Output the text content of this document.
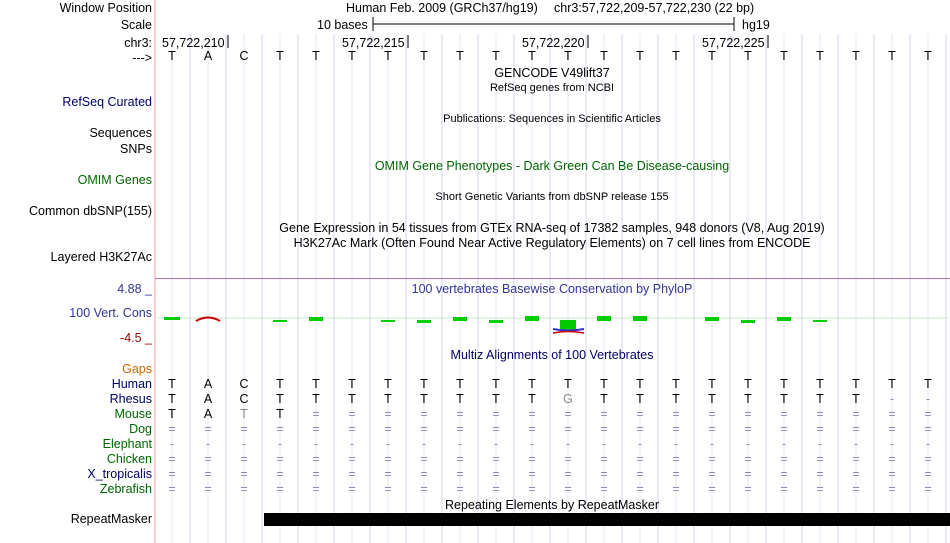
Window Position
Scale
chr3:
--->
Human Feb. 2009 (GRCh37/hg19) chr3:57,722,209-57,722,230 (22 bp)
10 bases	hg19
57,722,210	57,722,215	57,722,220	57,722,225
T	A	C	T	T	T	T	T	T	T	T	T	T	T	T	T	T	T	T	T	T	T
GENCODE V49lift37
RefSeq genes from NCBI
RefSeq Curated
Publications: Sequences in Scientific Articles
Sequences
SNPs
OMIM Gene Phenotypes - Dark Green Can Be Disease-causing
OMIM Genes
Short Genetic Variants from dbSNP release 155
Common dbSNP(155)
Gene Expression in 54 tissues from GTEx RNA-seq of 17382 samples, 948 donors (V8, Aug 2019)
H3K27Ac Mark (Often Found Near Active Regulatory Elements) on 7 cell lines from ENCODE
Layered H3K27Ac
100 vertebrates Basewise Conservation by PhyloP
4.88 _
100 Vert. Cons
-4.5 _
Multiz Alignments of 100 Vertebrates
Gaps
Human	T	A	C	T	T	T	T	T	T	T	T	T	T	T	T	T	T	T	T	T	T	T
Rhesus	T	A	C	T	T	T	T	T	T	T	T	G	T	T	T	T	T	T	T	T	-	-
Mouse	T	A	T	T	=	=	=	=	=	=	=	=	=	=	=	=	=	=	=	=	=	=
Dog	=	=	=	=	=	=	=	=	=	=	=	=	=	=	=	=	=	=	=	=	=	=
Elephant	-	-	-	-	-	-	-	-	-	-	-	-	-	-	-	-	-	-	-	-	-	-
Chicken	=	=	=	=	=	=	=	=	=	=	=	=	=	=	=	=	=	=	=	=	=	=
X_tropicalis	=	=	=	=	=	=	=	=	=	=	=	=	=	=	=	=	=	=	=	=	=	=
Zebrafish	=	=	=	=	=	=	=	=	=	=	=	=	=	=	=	=	=	=	=	=	=	=
Repeating Elements by RepeatMasker
RepeatMasker
